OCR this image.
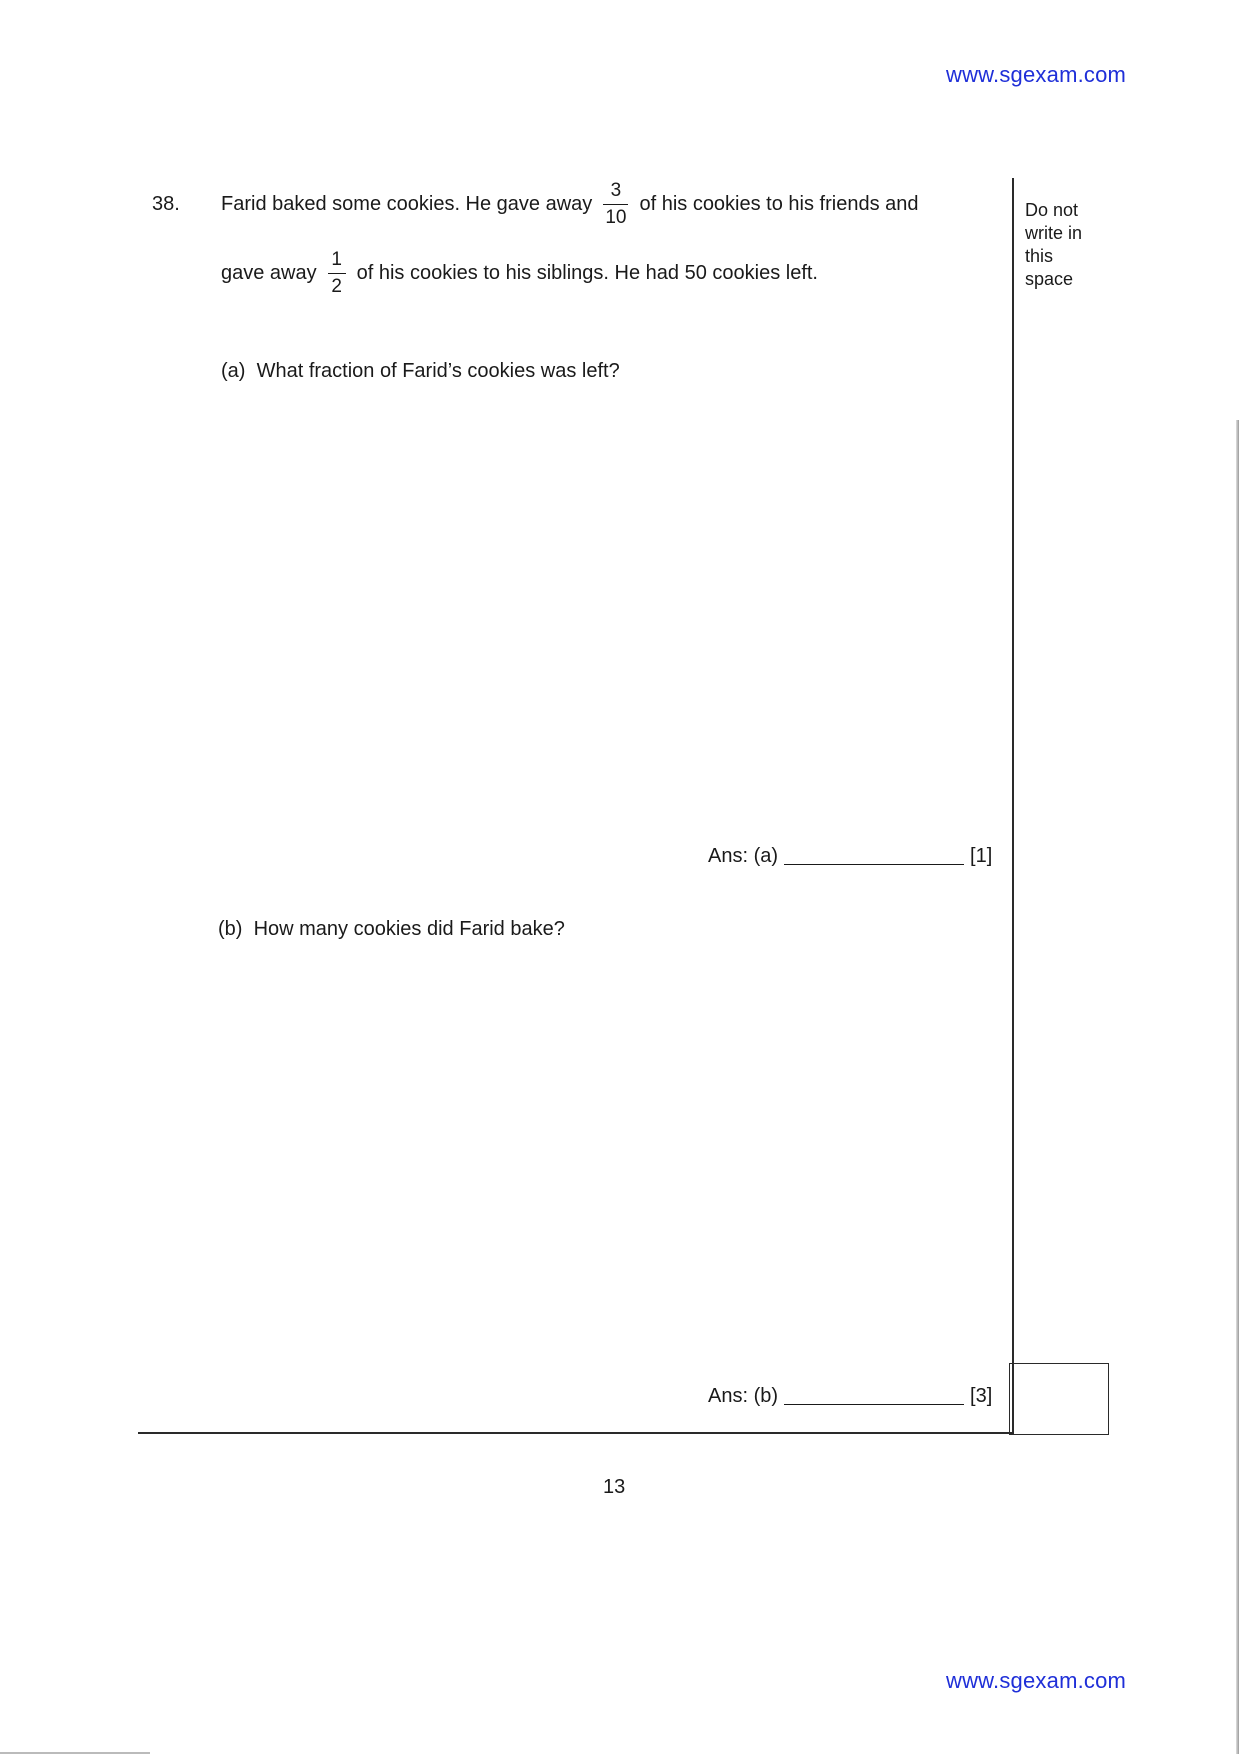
www.sgexam.com
38. Farid baked some cookies. He gave away $\frac{3}{10}$ of his cookies to his friends and
gave away $\frac{1}{2}$ of his cookies to his siblings. He had 50 cookies left.
(a) What fraction of Farid’s cookies was left?
Ans: (a)	[1]
(b) How many cookies did Farid bake?
Ans: (b)	[3]
Do not
write in
this
space
13
www.sgexam.com
